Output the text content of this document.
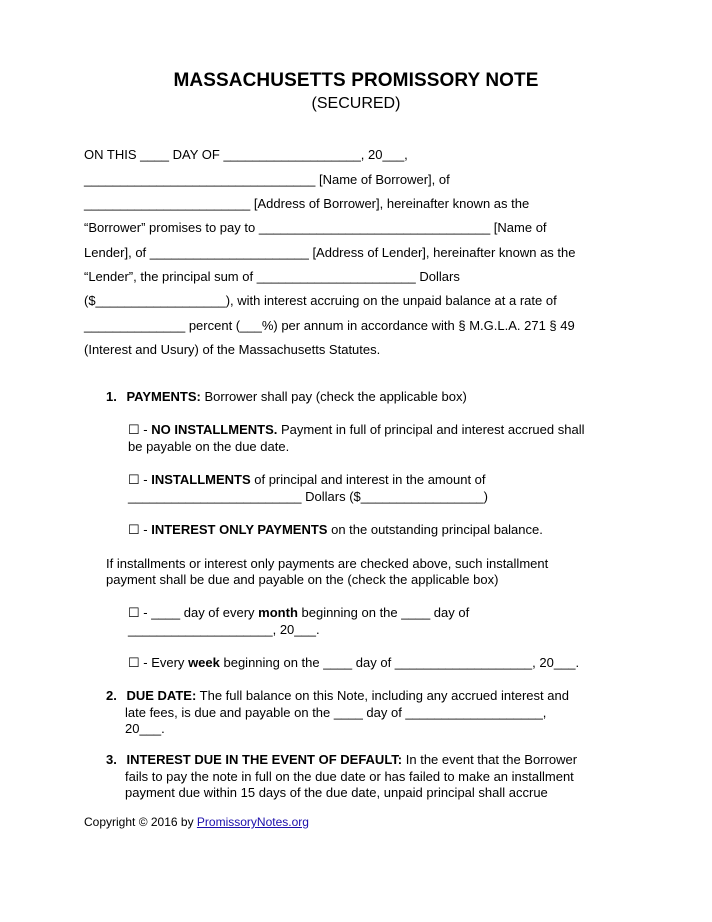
MASSACHUSETTS PROMISSORY NOTE
(SECURED)
ON THIS ____ DAY OF ___________________, 20___,
________________________________ [Name of Borrower], of
_______________________ [Address of Borrower], hereinafter known as the
“Borrower” promises to pay to ________________________________ [Name of
Lender], of ______________________ [Address of Lender], hereinafter known as the
“Lender”, the principal sum of ______________________ Dollars
($__________________), with interest accruing on the unpaid balance at a rate of
______________ percent (___%) per annum in accordance with § M.G.L.A. 271 § 49
(Interest and Usury) of the Massachusetts Statutes.
1. PAYMENTS: Borrower shall pay (check the applicable box)
☐ - NO INSTALLMENTS. Payment in full of principal and interest accrued shall
be payable on the due date.
☐ - INSTALLMENTS of principal and interest in the amount of
________________________ Dollars ($_________________)
☐ - INTEREST ONLY PAYMENTS on the outstanding principal balance.
If installments or interest only payments are checked above, such installment
payment shall be due and payable on the (check the applicable box)
☐ - ____ day of every month beginning on the ____ day of
____________________, 20___.
☐ - Every week beginning on the ____ day of ___________________, 20___.
2. DUE DATE: The full balance on this Note, including any accrued interest and
late fees, is due and payable on the ____ day of ___________________,
20___.
3. INTEREST DUE IN THE EVENT OF DEFAULT: In the event that the Borrower
fails to pay the note in full on the due date or has failed to make an installment
payment due within 15 days of the due date, unpaid principal shall accrue
Copyright © 2016 by PromissoryNotes.org
